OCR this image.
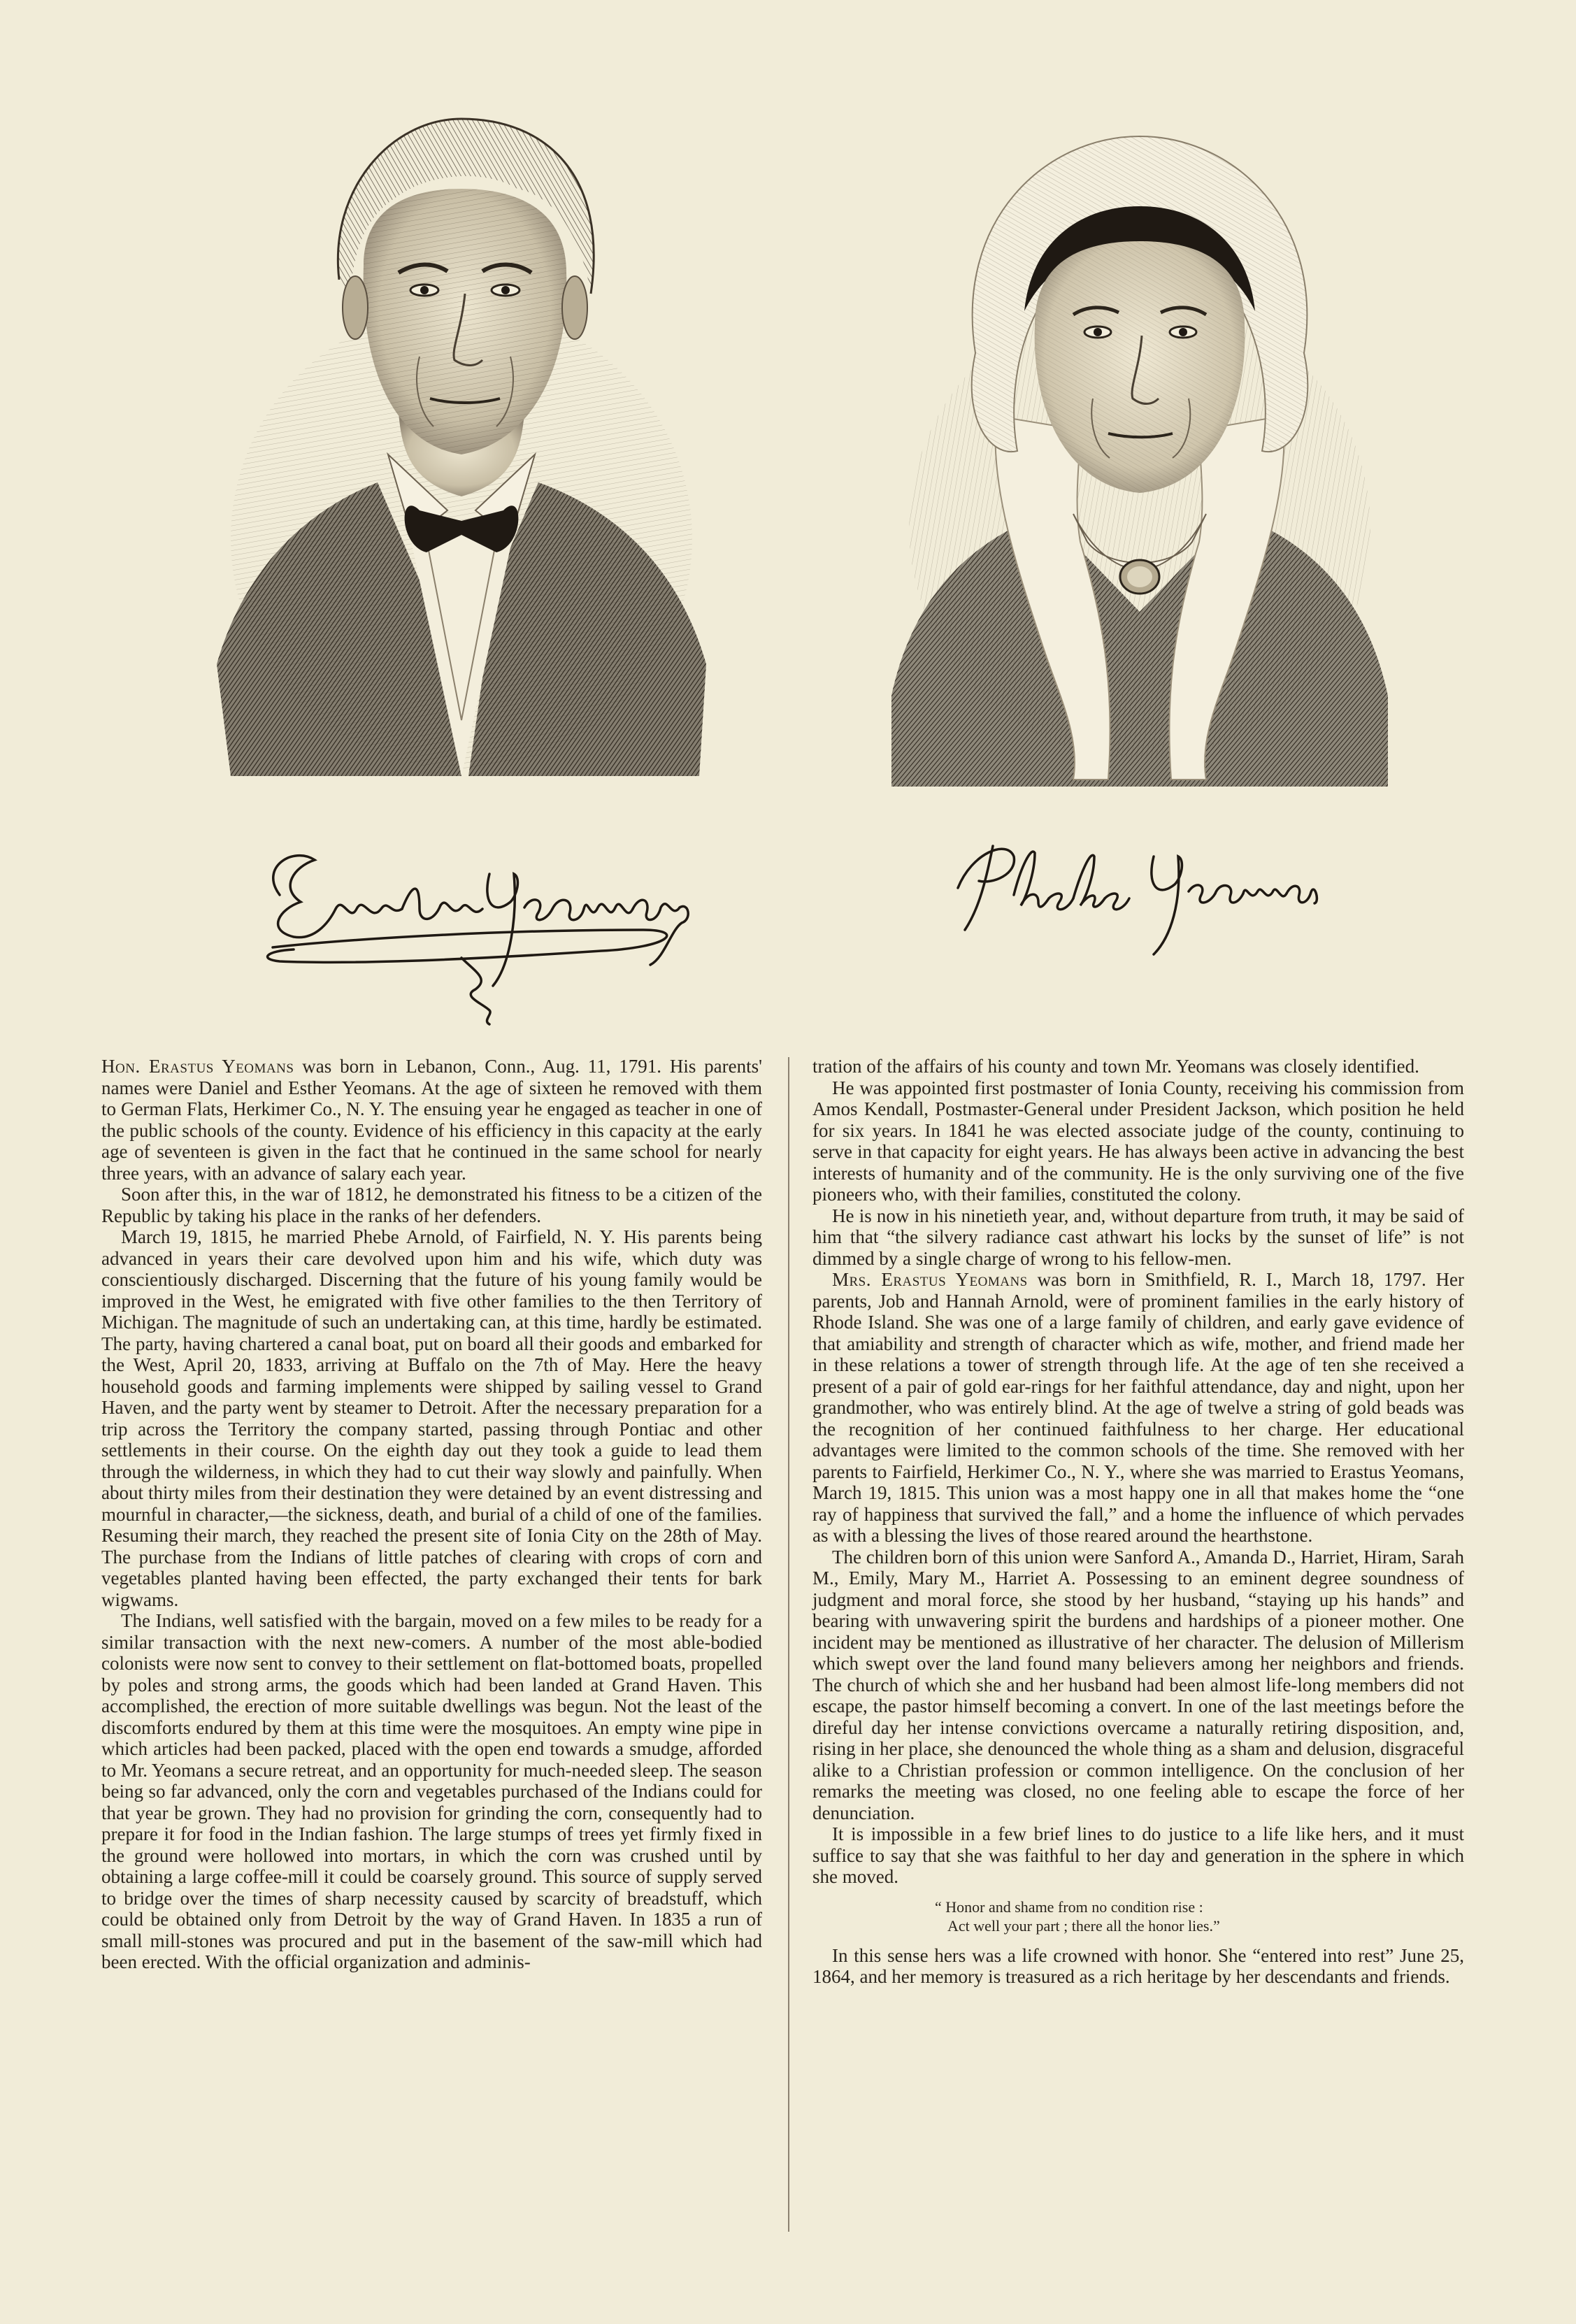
Hon. Erastus Yeomans was born in Lebanon, Conn., Aug. 11, 1791. His parents' names were Daniel and Esther Yeomans. At the age of sixteen he removed with them to German Flats, Herkimer Co., N. Y. The ensuing year he engaged as teacher in one of the public schools of the county. Evidence of his efficiency in this capacity at the early age of seventeen is given in the fact that he continued in the same school for nearly three years, with an advance of salary each year.

Soon after this, in the war of 1812, he demonstrated his fitness to be a citizen of the Republic by taking his place in the ranks of her defenders.

March 19, 1815, he married Phebe Arnold, of Fairfield, N. Y. His parents being advanced in years their care devolved upon him and his wife, which duty was conscientiously discharged. Discerning that the future of his young family would be improved in the West, he emigrated with five other families to the then Territory of Michigan. The magnitude of such an undertaking can, at this time, hardly be estimated. The party, having chartered a canal boat, put on board all their goods and embarked for the West, April 20, 1833, arriving at Buffalo on the 7th of May. Here the heavy household goods and farming implements were shipped by sailing vessel to Grand Haven, and the party went by steamer to Detroit. After the necessary preparation for a trip across the Territory the company started, passing through Pontiac and other settlements in their course. On the eighth day out they took a guide to lead them through the wilderness, in which they had to cut their way slowly and painfully. When about thirty miles from their destination they were detained by an event distressing and mournful in character,—the sickness, death, and burial of a child of one of the families. Resuming their march, they reached the present site of Ionia City on the 28th of May. The purchase from the Indians of little patches of clearing with crops of corn and vegetables planted having been effected, the party exchanged their tents for bark wigwams.

The Indians, well satisfied with the bargain, moved on a few miles to be ready for a similar transaction with the next new-comers. A number of the most able-bodied colonists were now sent to convey to their settlement on flat-bottomed boats, propelled by poles and strong arms, the goods which had been landed at Grand Haven. This accomplished, the erection of more suitable dwellings was begun. Not the least of the discomforts endured by them at this time were the mosquitoes. An empty wine pipe in which articles had been packed, placed with the open end towards a smudge, afforded to Mr. Yeomans a secure retreat, and an opportunity for much-needed sleep. The season being so far advanced, only the corn and vegetables purchased of the Indians could for that year be grown. They had no provision for grinding the corn, consequently had to prepare it for food in the Indian fashion. The large stumps of trees yet firmly fixed in the ground were hollowed into mortars, in which the corn was crushed until by obtaining a large coffee-mill it could be coarsely ground. This source of supply served to bridge over the times of sharp necessity caused by scarcity of breadstuff, which could be obtained only from Detroit by the way of Grand Haven. In 1835 a run of small mill-stones was procured and put in the basement of the saw-mill which had been erected. With the official organization and adminis-

tration of the affairs of his county and town Mr. Yeomans was closely identified.

He was appointed first postmaster of Ionia County, receiving his commission from Amos Kendall, Postmaster-General under President Jackson, which position he held for six years. In 1841 he was elected associate judge of the county, continuing to serve in that capacity for eight years. He has always been active in advancing the best interests of humanity and of the community. He is the only surviving one of the five pioneers who, with their families, constituted the colony.

He is now in his ninetieth year, and, without departure from truth, it may be said of him that “the silvery radiance cast athwart his locks by the sunset of life” is not dimmed by a single charge of wrong to his fellow-men.

Mrs. Erastus Yeomans was born in Smithfield, R. I., March 18, 1797. Her parents, Job and Hannah Arnold, were of prominent families in the early history of Rhode Island. She was one of a large family of children, and early gave evidence of that amiability and strength of character which as wife, mother, and friend made her in these relations a tower of strength through life. At the age of ten she received a present of a pair of gold ear-rings for her faithful attendance, day and night, upon her grandmother, who was entirely blind. At the age of twelve a string of gold beads was the recognition of her continued faithfulness to her charge. Her educational advantages were limited to the common schools of the time. She removed with her parents to Fairfield, Herkimer Co., N. Y., where she was married to Erastus Yeomans, March 19, 1815. This union was a most happy one in all that makes home the “one ray of happiness that survived the fall,” and a home the influence of which pervades as with a blessing the lives of those reared around the hearthstone.

The children born of this union were Sanford A., Amanda D., Harriet, Hiram, Sarah M., Emily, Mary M., Harriet A. Possessing to an eminent degree soundness of judgment and moral force, she stood by her husband, “staying up his hands” and bearing with unwavering spirit the burdens and hardships of a pioneer mother. One incident may be mentioned as illustrative of her character. The delusion of Millerism which swept over the land found many believers among her neighbors and friends. The church of which she and her husband had been almost life-long members did not escape, the pastor himself becoming a convert. In one of the last meetings before the direful day her intense convictions overcame a naturally retiring disposition, and, rising in her place, she denounced the whole thing as a sham and delusion, disgraceful alike to a Christian profession or common intelligence. On the conclusion of her remarks the meeting was closed, no one feeling able to escape the force of her denunciation.

It is impossible in a few brief lines to do justice to a life like hers, and it must suffice to say that she was faithful to her day and generation in the sphere in which she moved.

“ Honor and shame from no condition rise :
Act well your part ; there all the honor lies.”

In this sense hers was a life crowned with honor. She “entered into rest” June 25, 1864, and her memory is treasured as a rich heritage by her descendants and friends.
